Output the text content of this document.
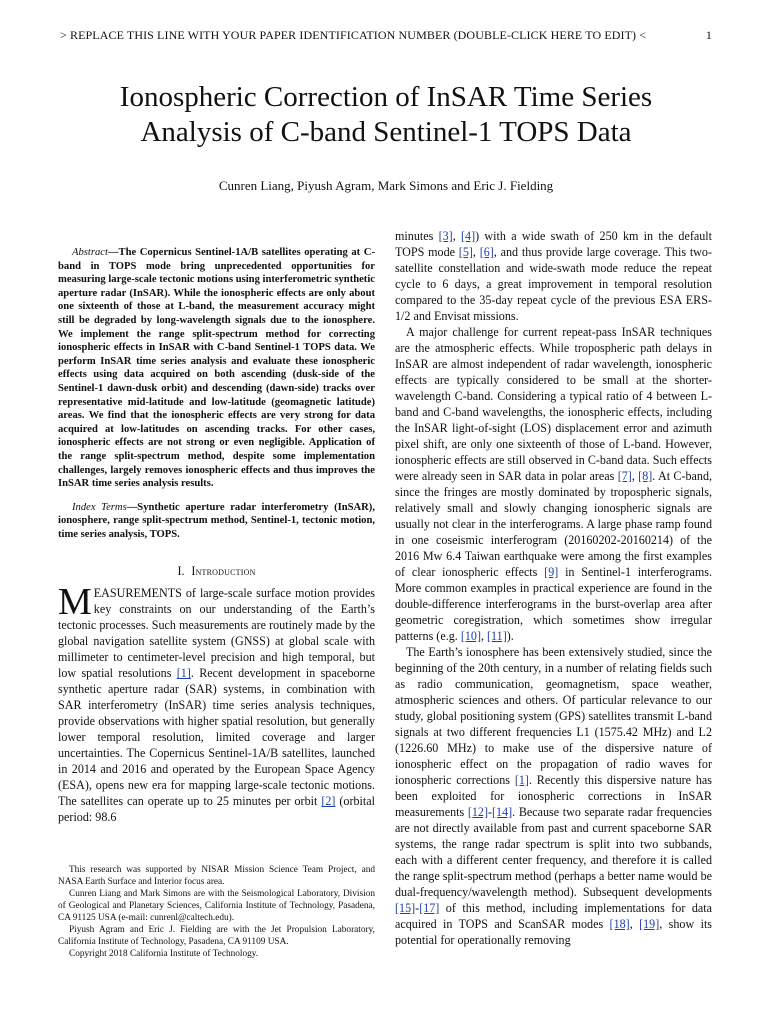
> REPLACE THIS LINE WITH YOUR PAPER IDENTIFICATION NUMBER (DOUBLE-CLICK HERE TO EDIT) <	1
Ionospheric Correction of InSAR Time Series
Analysis of C-band Sentinel-1 TOPS Data
Cunren Liang, Piyush Agram, Mark Simons and Eric J. Fielding

Abstract—The Copernicus Sentinel-1A/B satellites operating at C-band in TOPS mode bring unprecedented opportunities for measuring large-scale tectonic motions using interferometric synthetic aperture radar (InSAR). While the ionospheric effects are only about one sixteenth of those at L-band, the measurement accuracy might still be degraded by long-wavelength signals due to the ionosphere. We implement the range split-spectrum method for correcting ionospheric effects in InSAR with C-band Sentinel-1 TOPS data. We perform InSAR time series analysis and evaluate these ionospheric effects using data acquired on both ascending (dusk-side of the Sentinel-1 dawn-dusk orbit) and descending (dawn-side) tracks over representative mid-latitude and low-latitude (geomagnetic latitude) areas. We find that the ionospheric effects are very strong for data acquired at low-latitudes on ascending tracks. For other cases, ionospheric effects are not strong or even negligible. Application of the range split-spectrum method, despite some implementation challenges, largely removes ionospheric effects and thus improves the InSAR time series analysis results.

Index Terms—Synthetic aperture radar interferometry (InSAR), ionosphere, range split-spectrum method, Sentinel-1, tectonic motion, time series analysis, TOPS.

I. Introduction

MEASUREMENTS of large-scale surface motion provides key constraints on our understanding of the Earth’s tectonic processes. Such measurements are routinely made by the global navigation satellite system (GNSS) at global scale with millimeter to centimeter-level precision and high temporal, but low spatial resolutions [1]. Recent development in spaceborne synthetic aperture radar (SAR) systems, in combination with SAR interferometry (InSAR) time series analysis techniques, provide observations with higher spatial resolution, but generally lower temporal resolution, limited coverage and larger uncertainties. The Copernicus Sentinel-1A/B satellites, launched in 2014 and 2016 and operated by the European Space Agency (ESA), opens new era for mapping large-scale tectonic motions. The satellites can operate up to 25 minutes per orbit [2] (orbital period: 98.6

minutes [3], [4]) with a wide swath of 250 km in the default TOPS mode [5], [6], and thus provide large coverage. This two-satellite constellation and wide-swath mode reduce the repeat cycle to 6 days, a great improvement in temporal resolution compared to the 35-day repeat cycle of the previous ESA ERS-1/2 and Envisat missions.

A major challenge for current repeat-pass InSAR techniques are the atmospheric effects. While tropospheric path delays in InSAR are almost independent of radar wavelength, ionospheric effects are typically considered to be small at the shorter-wavelength C-band. Considering a typical ratio of 4 between L-band and C-band wavelengths, the ionospheric effects, including the InSAR light-of-sight (LOS) displacement error and azimuth pixel shift, are only one sixteenth of those of L-band. However, ionospheric effects are still observed in C-band data. Such effects were already seen in SAR data in polar areas [7], [8]. At C-band, since the fringes are mostly dominated by tropospheric signals, relatively small and slowly changing ionospheric signals are usually not clear in the interferograms. A large phase ramp found in one coseismic interferogram (20160202-20160214) of the 2016 Mw 6.4 Taiwan earthquake were among the first examples of clear ionospheric effects [9] in Sentinel-1 interferograms. More common examples in practical experience are found in the double-difference interferograms in the burst-overlap area after geometric coregistration, which sometimes show irregular patterns (e.g. [10], [11]).

The Earth’s ionosphere has been extensively studied, since the beginning of the 20th century, in a number of relating fields such as radio communication, geomagnetism, space weather, atmospheric sciences and others. Of particular relevance to our study, global positioning system (GPS) satellites transmit L-band signals at two different frequencies L1 (1575.42 MHz) and L2 (1226.60 MHz) to make use of the dispersive nature of ionospheric effect on the propagation of radio waves for ionospheric corrections [1]. Recently this dispersive nature has been exploited for ionospheric corrections in InSAR measurements [12]-[14]. Because two separate radar frequencies are not directly available from past and current spaceborne SAR systems, the range radar spectrum is split into two subbands, each with a different center frequency, and therefore it is called the range split-spectrum method (perhaps a better name would be dual-frequency/wavelength method). Subsequent developments [15]-[17] of this method, including implementations for data acquired in TOPS and ScanSAR modes [18], [19], show its potential for operationally removing

This research was supported by NISAR Mission Science Team Project, and NASA Earth Surface and Interior focus area.

Cunren Liang and Mark Simons are with the Seismological Laboratory, Division of Geological and Planetary Sciences, California Institute of Technology, Pasadena, CA 91125 USA (e-mail: cunrenl@caltech.edu).

Piyush Agram and Eric J. Fielding are with the Jet Propulsion Laboratory, California Institute of Technology, Pasadena, CA 91109 USA.

Copyright 2018 California Institute of Technology.
